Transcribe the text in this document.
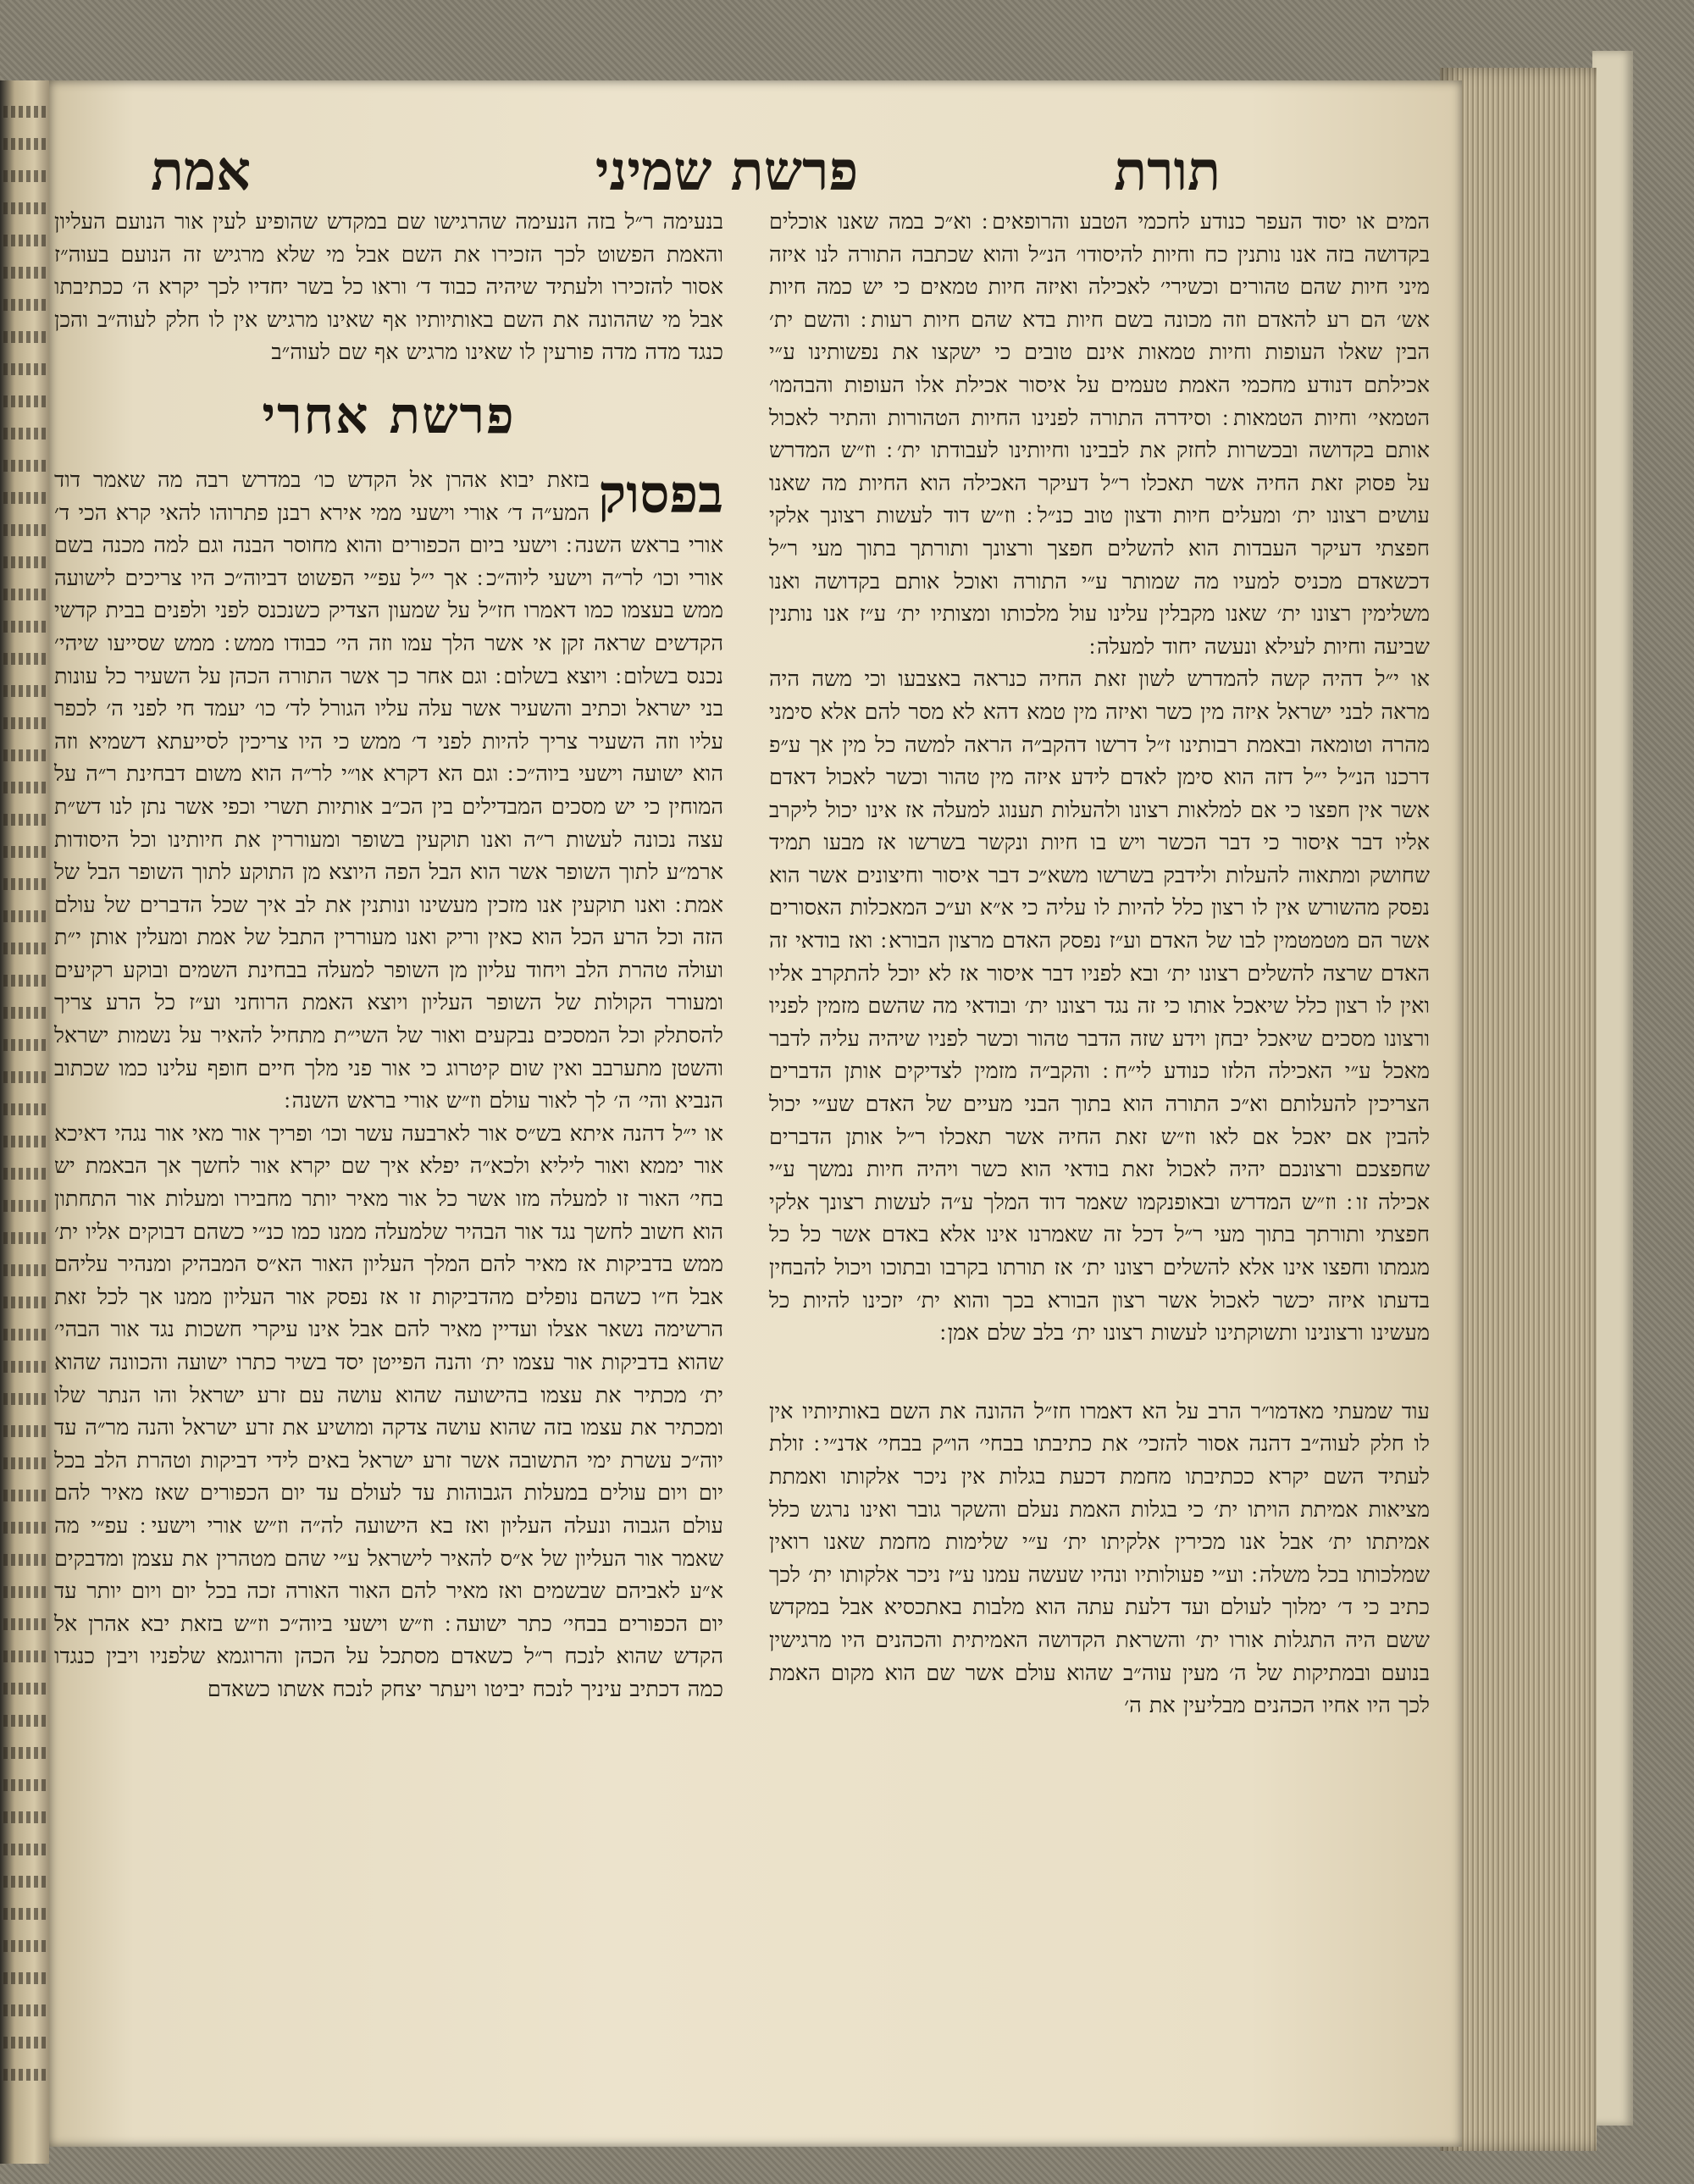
תורת
פרשת שמיני
אמת

המים או יסוד העפר כנודע לחכמי הטבע והרופאים ׃ וא״כ במה שאנו אוכלים בקדושה בזה אנו נותנין כח וחיות להיסודו׳ הנ״ל והוא שכתבה התורה לנו איזה מיני חיות שהם טהורים וכשירי׳ לאכילה ואיזה חיות טמאים כי יש כמה חיות אש׳ הם רע להאדם וזה מכונה בשם חיות בדא שהם חיות רעות ׃ והשם ית׳ הבין שאלו העופות וחיות טמאות אינם טובים כי ישקצו את נפשותינו ע״י אכילתם דנודע מחכמי האמת טעמים על איסור אכילת אלו העופות והבהמו׳ הטמאי׳ וחיות הטמאות ׃ וסידרה התורה לפנינו החיות הטהורות והתיר לאכול אותם בקדושה ובכשרות לחזק את לבבינו וחיותינו לעבודתו ית׳ ׃ וז״ש המדרש על פסוק זאת החיה אשר תאכלו ר״ל דעיקר האכילה הוא החיות מה שאנו עושים רצונו ית׳ ומעלים חיות ודצון טוב כנ״ל ׃ וז״ש דוד לעשות רצונך אלקי חפצתי דעיקר העבדות הוא להשלים חפצך ורצונך ותורתך בתוך מעי ר״ל דכשאדם מכניס למעיו מה שמותר ע״י התורה ואוכל אותם בקדושה ואנו משלימין רצונו ית׳ שאנו מקבלין עלינו עול מלכותו ומצותיו ית׳ ע״ז אנו נותנין שביעה וחיות לעילא ונעשה יחוד למעלה ׃

או י״ל דהיה קשה להמדרש לשון זאת החיה כנראה באצבעו וכי משה היה מראה לבני ישראל איזה מין כשר ואיזה מין טמא דהא לא מסר להם אלא סימני מהרה וטומאה ובאמת רבותינו ז״ל דרשו דהקב״ה הראה למשה כל מין אך ע״פ דרכנו הנ״ל י״ל דזה הוא סימן לאדם לידע איזה מין טהור וכשר לאכול דאדם אשר אין חפצו כי אם למלאות רצונו ולהעלות תענוג למעלה אז אינו יכול ליקרב אליו דבר איסור כי דבר הכשר ויש בו חיות ונקשר בשרשו אז מבעו תמיד שחושק ומתאוה להעלות ולידבק בשרשו משא״כ דבר איסור וחיצונים אשר הוא נפסק מהשורש אין לו רצון כלל להיות לו עליה כי א״א וע״כ המאכלות האסורים אשר הם מטמטמין לבו של האדם וע״ז נפסק האדם מרצון הבורא ׃ ואז בודאי זה האדם שרצה להשלים רצונו ית׳ ובא לפניו דבר איסור אז לא יוכל להתקרב אליו ואין לו רצון כלל שיאכל אותו כי זה נגד רצונו ית׳ ובודאי מה שהשם מזמין לפניו ורצונו מסכים שיאכל יבחן וידע שזה הדבר טהור וכשר לפניו שיהיה עליה לדבר מאכל ע״י האכילה הלזו כנודע לי״ח ׃ והקב״ה מזמין לצדיקים אותן הדברים הצריכין להעלותם וא״כ התורה הוא בתוך הבני מעיים של האדם שע״י יכול להבין אם יאכל אם לאו וז״ש זאת החיה אשר תאכלו ר״ל אותן הדברים שחפצכם ורצונכם יהיה לאכול זאת בודאי הוא כשר ויהיה חיות נמשך ע״י אכילה זו ׃ וז״ש המדרש ובאופנקמו שאמר דוד המלך ע״ה לעשות רצונך אלקי חפצתי ותורתך בתוך מעי ר״ל דכל זה שאמרנו אינו אלא באדם אשר כל כל מגמתו וחפצו אינו אלא להשלים רצונו ית׳ אז תורתו בקרבו ובתוכו ויכול להבחין בדעתו איזה יכשר לאכול אשר רצון הבורא בכך והוא ית׳ יזכינו להיות כל מעשינו ורצונינו ותשוקתינו לעשות רצונו ית׳ בלב שלם אמן ׃

עוד שמעתי מאדמו״ר הרב על הא דאמרו חז״ל ההונה את השם באותיותיו אין לו חלק לעוה״ב דהנה אסור להזכי׳ את כתיבתו בבחי׳ הו״ק בבחי׳ אדנ״י ׃ זולת לעתיד השם יקרא ככתיבתו מחמת דכעת בגלות אין ניכר אלקותו ואמתת מציאות אמיתת הויתו ית׳ כי בגלות האמת נעלם והשקר גובר ואינו נרגש כלל אמיתתו ית׳ אבל אנו מכירין אלקיתו ית׳ ע״י שלימות מחמת שאנו רואין שמלכותו בכל משלה ׃ וע״י פעולותיו ונהיו שעשה עמנו ע״ז ניכר אלקותו ית׳ לכך כתיב כי ד׳ ימלוך לעולם ועד דלעת עתה הוא מלבות באתכסיא אבל במקדש ששם היה התגלות אורו ית׳ והשראת הקדושה האמיתית והכהנים היו מרגישין בנועם ובמתיקות של ה׳ מעין עוה״ב שהוא עולם אשר שם הוא מקום האמת לכך היו אחיו הכהנים מבליעין את ה׳

בנעימה ר״ל בזה הנעימה שהרגישו שם במקדש שהופיע לעין אור הנועם העליון והאמת הפשוט לכך הזכירו את השם אבל מי שלא מרגיש זה הנועם בעוה״ז אסור להזכירו ולעתיד שיהיה כבוד ד׳ וראו כל בשר יחדיו לכך יקרא ה׳ ככתיבתו אבל מי שההונה את השם באותיותיו אף שאינו מרגיש אין לו חלק לעוה״ב והכן כנגד מדה מדה פורעין לו שאינו מרגיש אף שם לעוה״ב

פרשת אחרי
בפסוק

בזאת יבוא אהרן אל הקדש כו׳ במדרש רבה מה שאמר דוד המע״ה ד׳ אורי וישעי ממי אירא רבנן פתרוהו להאי קרא הכי ד׳ אורי בראש השנה ׃ וישעי ביום הכפורים והוא מחוסר הבנה וגם למה מכנה בשם אורי וכו׳ לר״ה וישעי ליוה״כ ׃ אך י״ל עפ״י הפשוט דביוה״כ היו צריכים לישועה ממש בעצמו כמו דאמרו חז״ל על שמעון הצדיק כשנכנס לפני ולפנים בבית קדשי הקדשים שראה זקן אי אשר הלך עמו וזה הי׳ כבודו ממש ׃ ממש שסייעו שיהי׳ נכנס בשלום ׃ ויוצא בשלום ׃ וגם אחר כך אשר התורה הכהן על השעיר כל עונות בני ישראל וכתיב והשעיר אשר עלה עליו הגורל לד׳ כו׳ יעמד חי לפני ה׳ לכפר עליו וזה השעיר צריך להיות לפני ד׳ ממש כי היו צריכין לסייעתא דשמיא וזה הוא ישועה וישעי ביוה״כ ׃ וגם הא דקרא או״י לר״ה הוא משום דבחינת ר״ה על המוחין כי יש מסכים המבדילים בין הכ״ב אותיות תשרי וכפי אשר נתן לנו דש״ת עצה נכונה לעשות ר״ה ואנו תוקעין בשופר ומעוררין את חיותינו וכל היסודות ארמ״ע לתוך השופר אשר הוא הבל הפה היוצא מן התוקע לתוך השופר הבל של אמת ׃ ואנו תוקעין אנו מזכין מעשינו ונותנין את לב איך שכל הדברים של עולם הזה וכל הרע הכל הוא כאין וריק ואנו מעוררין התבל של אמת ומעלין אותן י״ת ועולה טהרת הלב ויחוד עליון מן השופר למעלה בבחינת השמים ובוקע רקיעים ומעורר הקולות של השופר העליון ויוצא האמת הרוחני וע״ז כל הרע צריך להסתלק וכל המסכים נבקעים ואור של השי״ת מתחיל להאיר על נשמות ישראל והשטן מתערבב ואין שום קיטרוג כי אור פני מלך חיים חופף עלינו כמו שכתוב הנביא והי׳ ה׳ לך לאור עולם וז״ש אורי בראש השנה ׃

או י״ל דהנה איתא בש״ס אור לארבעה עשר וכו׳ ופריך אור מאי אור נגהי דאיכא אור יממא ואור ליליא ולכא״ה יפלא איך שם יקרא אור לחשך אך הבאמת יש בחי׳ האור זו למעלה מזו אשר כל אור מאיר יותר מחבירו ומעלות אור התחתון הוא חשוב לחשך נגד אור הבהיר שלמעלה ממנו כמו כנ״י כשהם דבוקים אליו ית׳ ממש בדביקות אז מאיר להם המלך העליון האור הא״ס המבהיק ומנהיר עליהם אבל ח״ו כשהם נופלים מהדביקות זו אז נפסק אור העליון ממנו אך לכל זאת הרשימה נשאר אצלו ועדיין מאיר להם אבל אינו עיקרי חשכות נגד אור הבהי׳ שהוא בדביקות אור עצמו ית׳ והנה הפייטן יסד בשיר כתרו ישועה והכוונה שהוא ית׳ מכתיר את עצמו בהישועה שהוא עושה עם זרע ישראל והו הנתר שלו ומכתיר את עצמו בזה שהוא עושה צדקה ומושיע את זרע ישראל והנה מר״ה עד יוה״כ עשרת ימי התשובה אשר זרע ישראל באים לידי דביקות וטהרת הלב בכל יום ויום עולים במעלות הגבוהות עד לעולם עד יום הכפורים שאז מאיר להם עולם הגבוה ונעלה העליון ואז בא הישועה לה״ה וז״ש אורי וישעי ׃ עפ״י מה שאמר אור העליון של א״ס להאיר לישראל ע״י שהם מטהרין את עצמן ומדבקים א״ע לאביהם שבשמים ואז מאיר להם האור האורה זכה בכל יום ויום יותר עד יום הכפורים בבחי׳ כתר ישועה ׃ וז״ש וישעי ביוה״כ וז״ש בזאת יבא אהרן אל הקדש שהוא לנכח ר״ל כשאדם מסתכל על הכהן והרוגמא שלפניו ויבין כנגדו כמה דכתיב עיניך לנכח יביטו ויעתר יצחק לנכח אשתו כשאדם
